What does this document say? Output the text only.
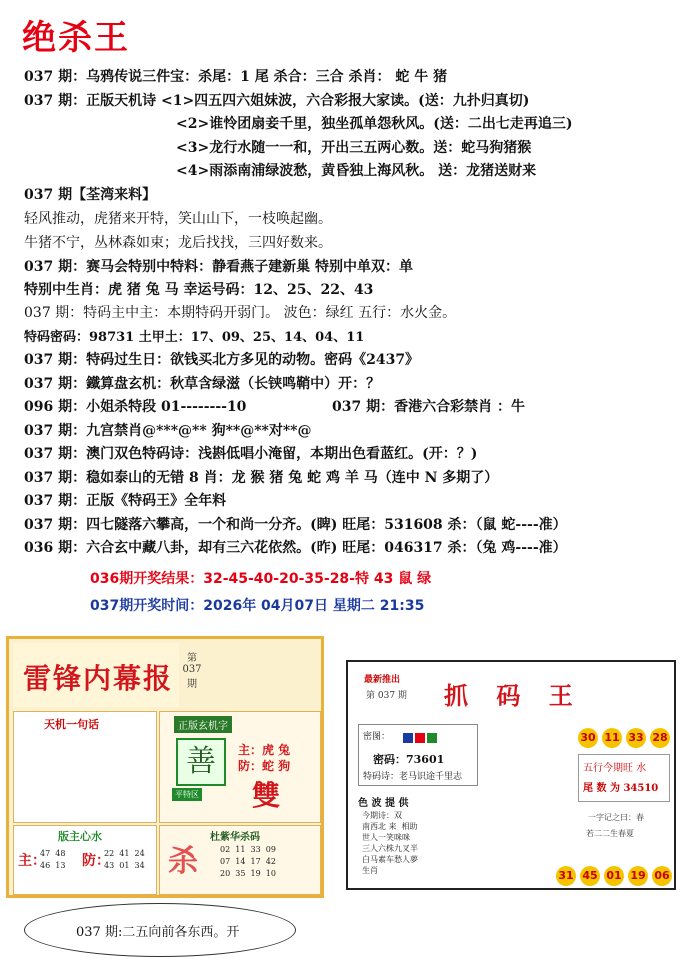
绝杀王
037 期：乌鸦传说三件宝：杀尾：1 尾 杀合：三合 杀肖： 蛇 牛 猪
037 期：正版天机诗 <1>四五四六姐妹波，六合彩报大家读。(送：九扑归真切)
<2>谁怜团扇妾千里，独坐孤单怨秋风。(送：二出七走再追三)
<3>龙行水随一一和，开出三五两心数。送：蛇马狗猪猴
<4>雨添南浦绿波愁，黄昏独上海风秋。 送：龙猪送财来
037 期【荃湾来料】
轻风推动，虎猪来开特，笑山山下，一枝唤起幽。
牛猪不宁，丛林森如束；龙后找找，三四好数来。
037 期：赛马会特别中特料：静看燕子建新巢 特别中单双：单
特别中生肖：虎 猪 兔 马 幸运号码：12、25、22、43
037 期：特码主中主：本期特码开弱门。 波色：绿红 五行：水火金。
特码密码：98731 土甲土：17、09、25、14、04、11
037 期：特码过生日：欲钱买北方多见的动物。密码《2437》
037 期：鐵算盘玄机：秋草含绿滋（长铗鸣鞘中）开：？
096 期：小姐杀特段 01--------10	037 期：香港六合彩禁肖 ：牛
037 期：九宫禁肖@***@** 狗**@**对**@
037 期：澳门双色特码诗：浅斟低唱小淹留，本期出色看蓝红。(开：？)
037 期：稳如泰山的无错 8 肖：龙 猴 猪 兔 蛇 鸡 羊 马（连中 N 多期了）
037 期：正版《特码王》全年料
037 期：四七隧落六攀高，一个和尚一分齐。(睥) 旺尾：531608 杀：（鼠 蛇----准）
036 期：六合玄中藏八卦，却有三六花依然。(昨) 旺尾：046317 杀：（兔 鸡----准）
036期开奖结果：32-45-40-20-35-28-特 43 鼠 绿
037期开奖时间：2026年 04月07日 星期二 21:35
雷锋内幕报
第 037 期
天机一句话	正版玄机字
善
平特区
主：虎 兔
防：蛇 狗
雙
版主心水
主：
47  48
46  13 防：
22  41  24
43  01  34
杜紫华杀码
杀	02  11  33  09
07  14  17  42
20  35  19  10
最新推出
第 037 期 抓 码 王
密图：
密码：73601
特码诗：老马识途千里志
30 11 33 28
五行今期旺 水
尾 数 为 34510
色 波 提 供
今期诗：双
南西北 来  相助
世人一笑咪咪
三人六株九叉半
白马素车愁人夢
生肖
一字记之曰：春
若二二生春夏
31 45 01 19 06
037 期:二五向前各东西。开
